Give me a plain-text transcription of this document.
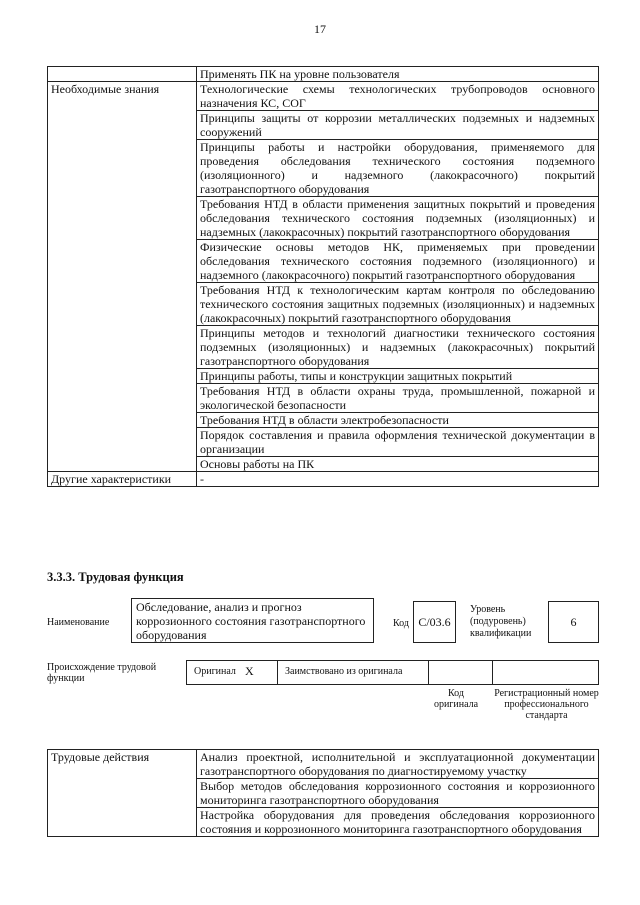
17
	Применять ПК на уровне пользователя
Необходимые знания	Технологические схемы технологических трубопроводов основного назначения КС, СОГ
	Принципы защиты от коррозии металлических подземных и надземных сооружений
	Принципы работы и настройки оборудования, применяемого для проведения обследования технического состояния подземного (изоляционного) и надземного (лакокрасочного) покрытий газотранспортного оборудования
	Требования НТД в области применения защитных покрытий и проведения обследования технического состояния подземных (изоляционных) и надземных (лакокрасочных) покрытий газотранспортного оборудования
	Физические основы методов НК, применяемых при проведении обследования технического состояния подземного (изоляционного) и надземного (лакокрасочного) покрытий газотранспортного оборудования
	Требования НТД к технологическим картам контроля по обследованию технического состояния защитных подземных (изоляционных) и надземных (лакокрасочных) покрытий газотранспортного оборудования
	Принципы методов и технологий диагностики технического состояния подземных (изоляционных) и надземных (лакокрасочных) покрытий газотранспортного оборудования
	Принципы работы, типы и конструкции защитных покрытий
	Требования НТД в области охраны труда, промышленной, пожарной и экологической безопасности
	Требования НТД в области электробезопасности
	Порядок составления и правила оформления технической документации в организации
	Основы работы на ПК
Другие характеристики	-
3.3.3. Трудовая функция
Наименование
Обследование, анализ и прогноз коррозионного состояния газотранспортного оборудования
Код C/03.6
Уровень (подуровень) квалификации
6
Происхождение трудовой функции
Оригинал X	Заимствовано из оригинала
Код оригинала
Регистрационный номер профессионального стандарта
Трудовые действия	Анализ проектной, исполнительной и эксплуатационной документации газотранспортного оборудования по диагностируемому участку
Выбор методов обследования коррозионного состояния и коррозионного мониторинга газотранспортного оборудования
Настройка оборудования для проведения обследования коррозионного состояния и коррозионного мониторинга газотранспортного оборудования
